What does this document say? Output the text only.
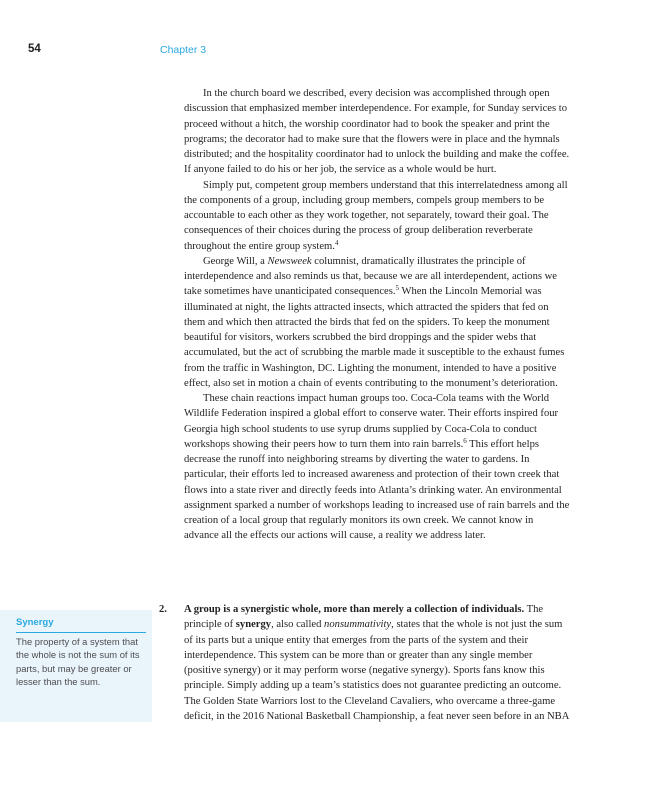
54	Chapter 3

In the church board we described, every decision was accomplished through open discussion that emphasized member interdependence. For example, for Sunday services to proceed without a hitch, the worship coordinator had to book the speaker and print the programs; the decorator had to make sure that the flowers were in place and the hymnals distributed; and the hospitality coordinator had to unlock the building and make the coffee. If anyone failed to do his or her job, the service as a whole would be hurt.

Simply put, competent group members understand that this interrelatedness among all the components of a group, including group members, compels group members to be accountable to each other as they work together, not separately, toward their goal. The consequences of their choices during the process of group deliberation reverberate throughout the entire group system.$^4$

George Will, a Newsweek columnist, dramatically illustrates the principle of interdependence and also reminds us that, because we are all interdependent, actions we take sometimes have unanticipated consequences.$^5$ When the Lincoln Memorial was illuminated at night, the lights attracted insects, which attracted the spiders that fed on them and which then attracted the birds that fed on the spiders. To keep the monument beautiful for visitors, workers scrubbed the bird droppings and the spider webs that accumulated, but the act of scrubbing the marble made it susceptible to the exhaust fumes from the traffic in Washington, DC. Lighting the monument, intended to have a positive effect, also set in motion a chain of events contributing to the monument’s deterioration.

These chain reactions impact human groups too. Coca-Cola teams with the World Wildlife Federation inspired a global effort to conserve water. Their efforts inspired four Georgia high school students to use syrup drums supplied by Coca-Cola to conduct workshops showing their peers how to turn them into rain barrels.$^6$ This effort helps decrease the runoff into neighboring streams by diverting the water to gardens. In particular, their efforts led to increased awareness and protection of their town creek that flows into a state river and directly feeds into Atlanta’s drinking water. An environmental assignment sparked a number of workshops leading to increased use of rain barrels and the creation of a local group that regularly monitors its own creek. We cannot know in advance all the effects our actions will cause, a reality we address later.

2. A group is a synergistic whole, more than merely a collection of individuals. The principle of synergy, also called nonsummativity, states that the whole is not just the sum of its parts but a unique entity that emerges from the parts of the system and their interdependence. This system can be more than or greater than any single member (positive synergy) or it may perform worse (negative synergy). Sports fans know this principle. Simply adding up a team’s statistics does not guarantee predicting an outcome. The Golden State Warriors lost to the Cleveland Cavaliers, who overcame a three-game deficit, in the 2016 National Basketball Championship, a feat never seen before in an NBA
Synergy
The property of a system that the whole is not the sum of its parts, but may be greater or lesser than the sum.
